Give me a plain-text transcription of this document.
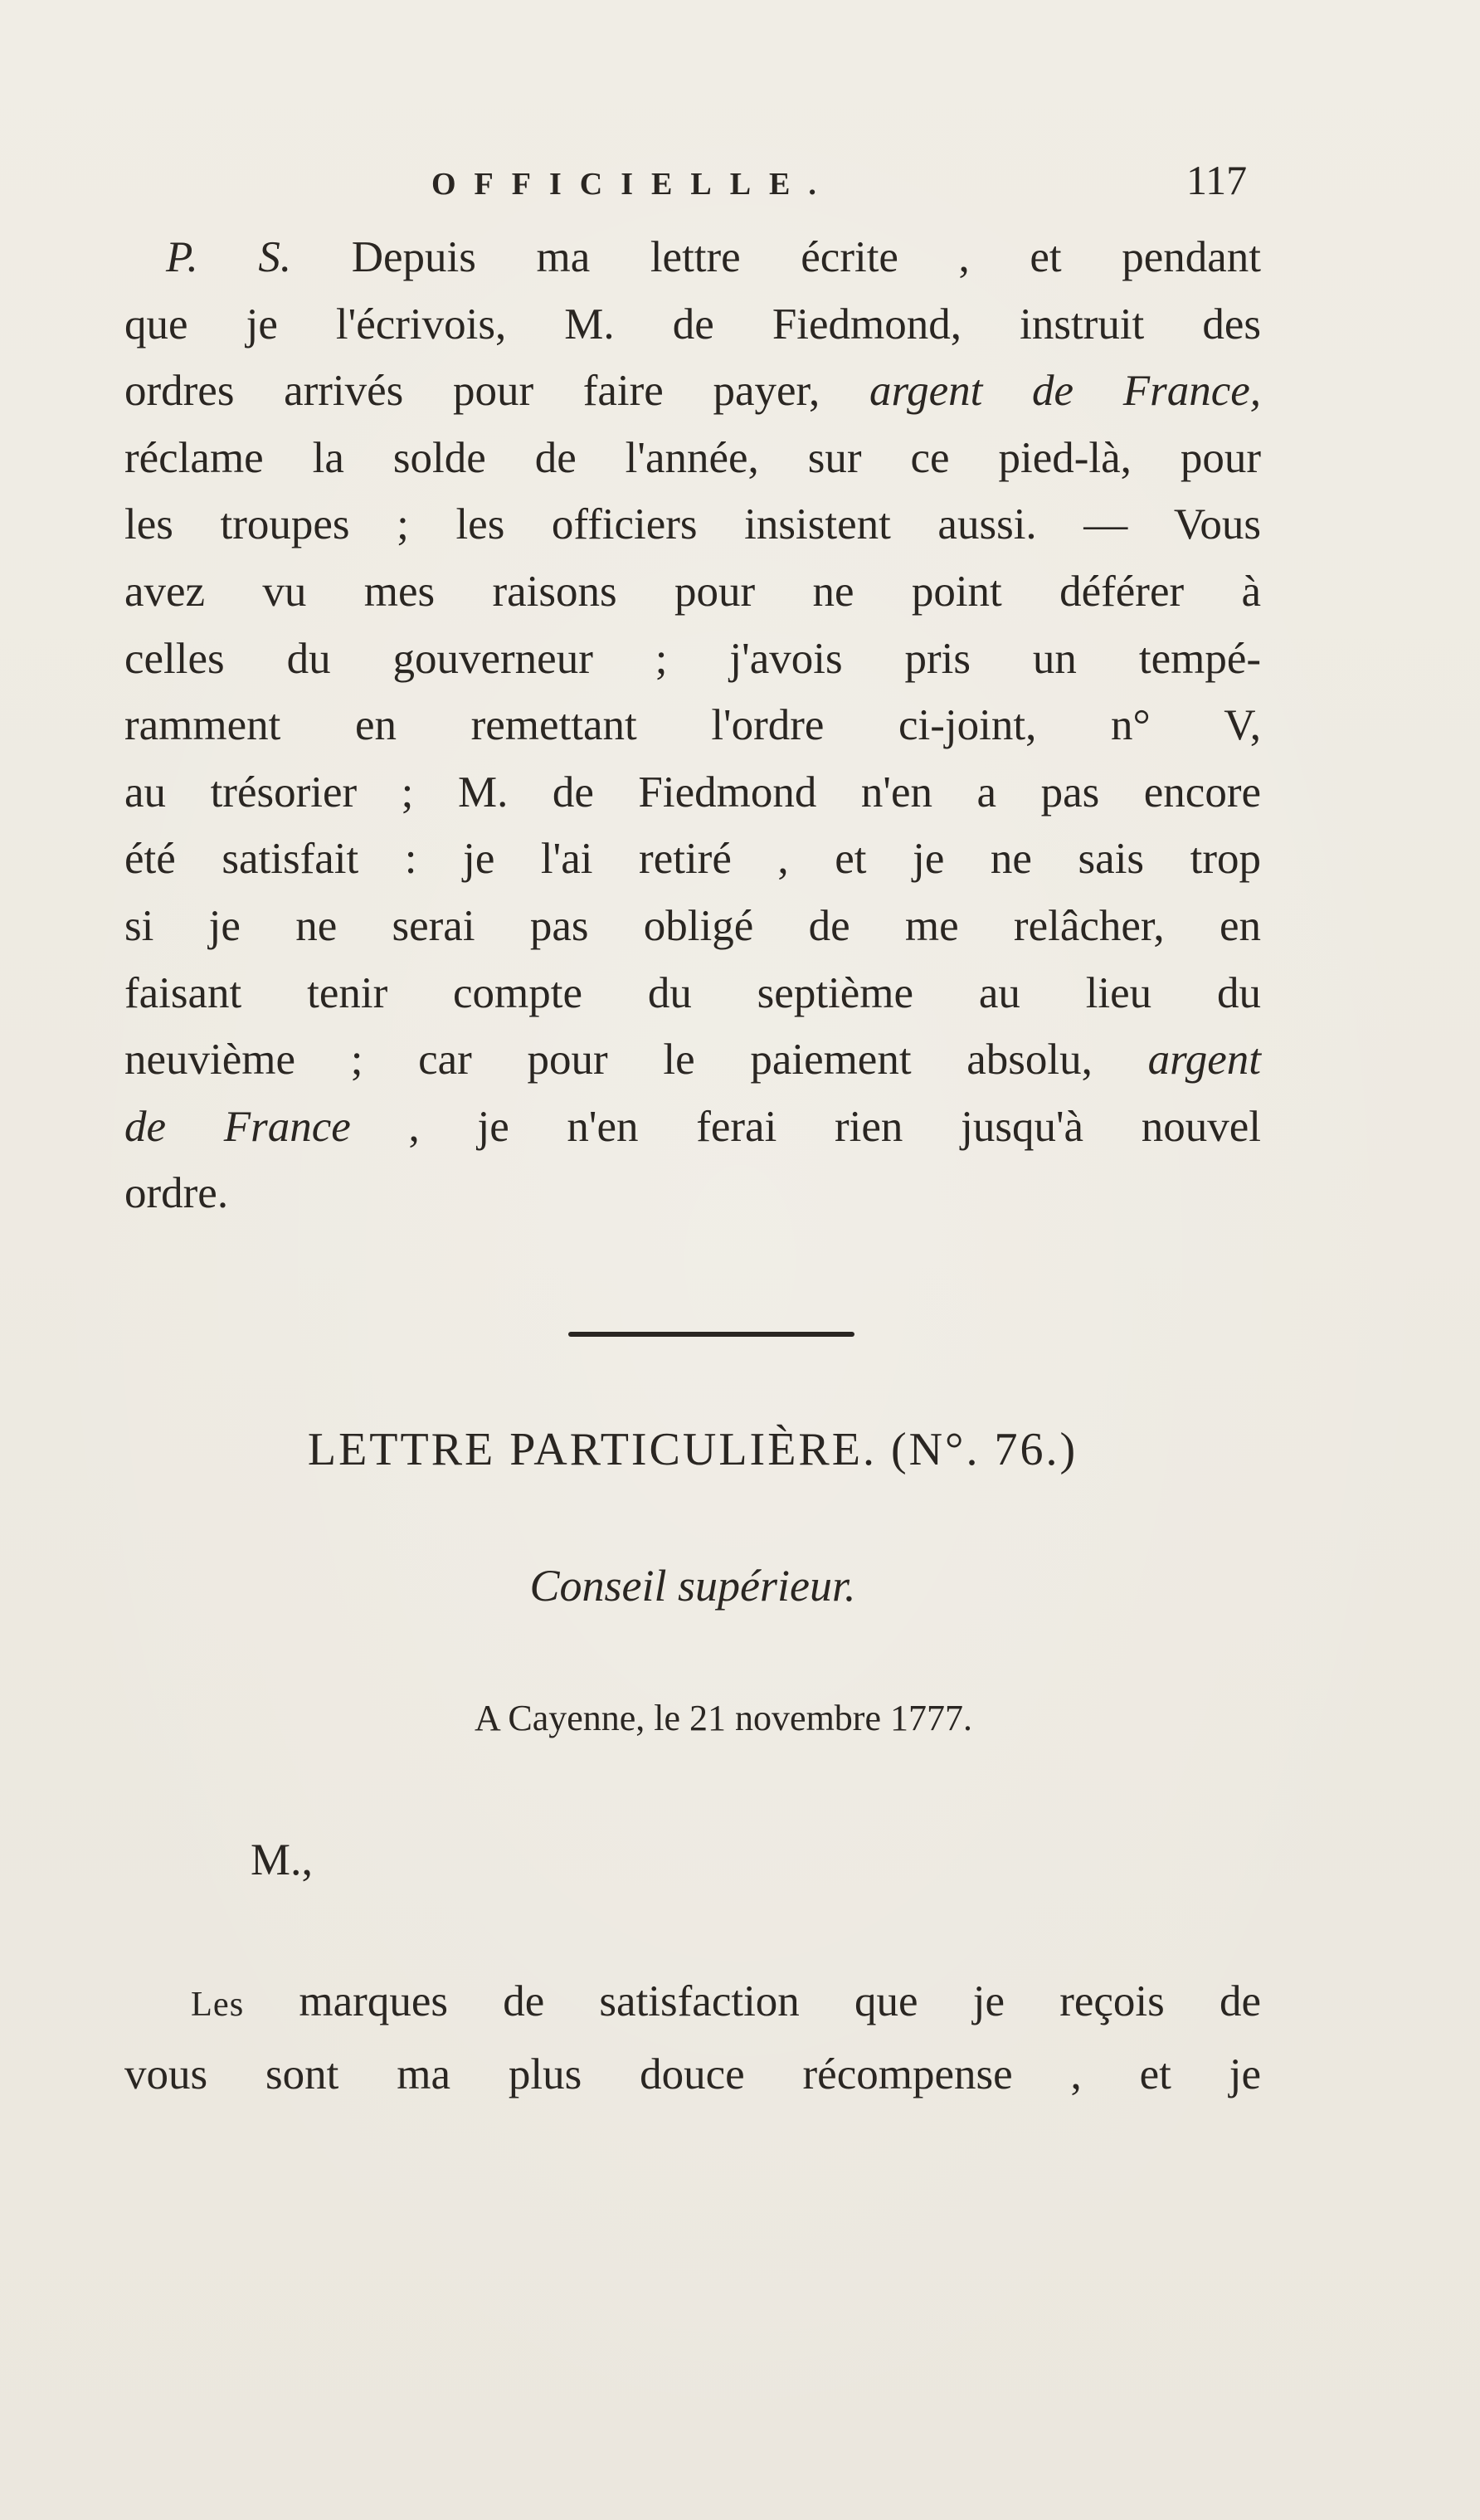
OFFICIELLE.	117
P. S. Depuis ma lettre écrite , et pendant
que je l'écrivois, M. de Fiedmond, instruit des
ordres arrivés pour faire payer, argent de France,
réclame la solde de l'année, sur ce pied-là, pour
les troupes ; les officiers insistent aussi. — Vous
avez vu mes raisons pour ne point déférer à
celles du gouverneur ; j'avois pris un tempé-
ramment en remettant l'ordre ci-joint, n° V,
au trésorier ; M. de Fiedmond n'en a pas encore
été satisfait : je l'ai retiré , et je ne sais trop
si je ne serai pas obligé de me relâcher, en
faisant tenir compte du septième au lieu du
neuvième ; car pour le paiement absolu, argent
de France , je n'en ferai rien jusqu'à nouvel
ordre.
LETTRE PARTICULIÈRE. (N°. 76.)
Conseil supérieur.
A Cayenne, le 21 novembre 1777.
M.,
Les marques de satisfaction que je reçois de
vous sont ma plus douce récompense , et je
